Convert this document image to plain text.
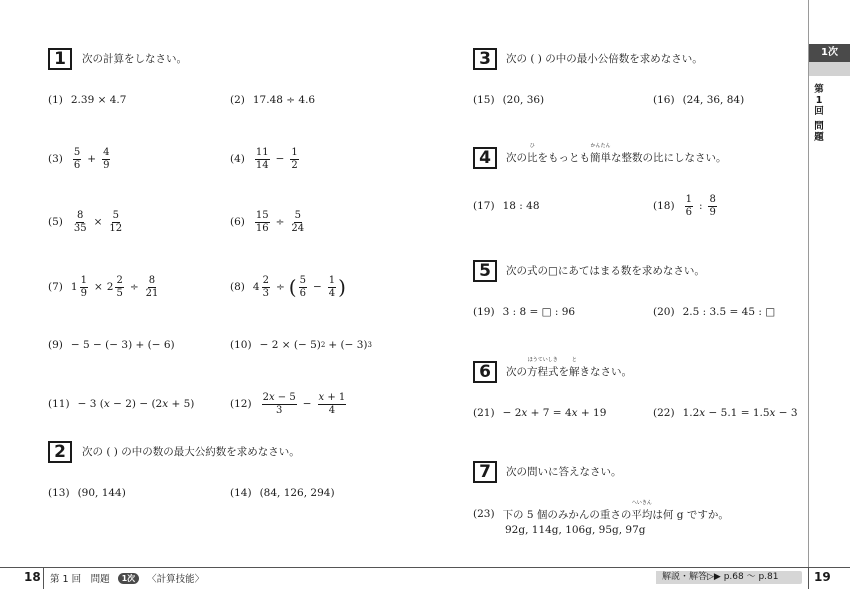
1	次の計算をしなさい。
(1) 2.39 × 4.7	(2) 17.48 ÷ 4.6
$(3) \frac{5}{6} + \frac{4}{9}$	$(4) \frac{11}{14} - \frac{1}{2}$
$(5) \frac{8}{35} \times \frac{5}{12}$	$(6) \frac{15}{16} \div \frac{5}{24}$
(7) $1 \frac{1}{9} \times 2 \frac{2}{5} \div \frac{8}{21}$	(8) $4 \frac{2}{3}$ ÷ ( $\frac{5}{6} - \frac{1}{4}$ )
(9) − 5 − (− 3) + (− 6)	(10) − 2 × (− 5) 2 + (− 3) 3
(11) − 3 ( x − 2) − (2 x + 5)	$(12) \frac{2x - 5}{3} - \frac{x + 1}{4}$
2	次の ( ) の中の数の最大公約数を求めなさい。
(13) (90, 144)	(14) (84, 126, 294)
3	次の ( ) の中の最小公倍数を求めなさい。
(15) (20, 36)	(16) (24, 36, 84)
4	次の
ひ
比をもっとも
かんたん
簡単な整数の比にしなさい。
(17) 18 : 48	$(18) \frac{1}{6}$ : $\frac{8}{9}$
5	次の式の□にあてはまる数を求めなさい。
(19) 3 : 8 = □ : 96	(20) 2.5 : 3.5 = 45 : □
6	次の
ほうていしき
方程式を
と
解きなさい。
(21) − 2 x + 7 = 4 x + 19	(22) 1.2 x − 5.1 = 1.5 x − 3
7	次の問いに答えなさい。
(23) 下の 5 個のみかんの重さの
へいきん
平均は何 g ですか。
92g, 114g, 106g, 95g, 97g
1次
第
1
回
問
題
18	19
第 1 回　問題	1次	〈計算技能〉	解説・解答▷▶ p.68 〜 p.81
